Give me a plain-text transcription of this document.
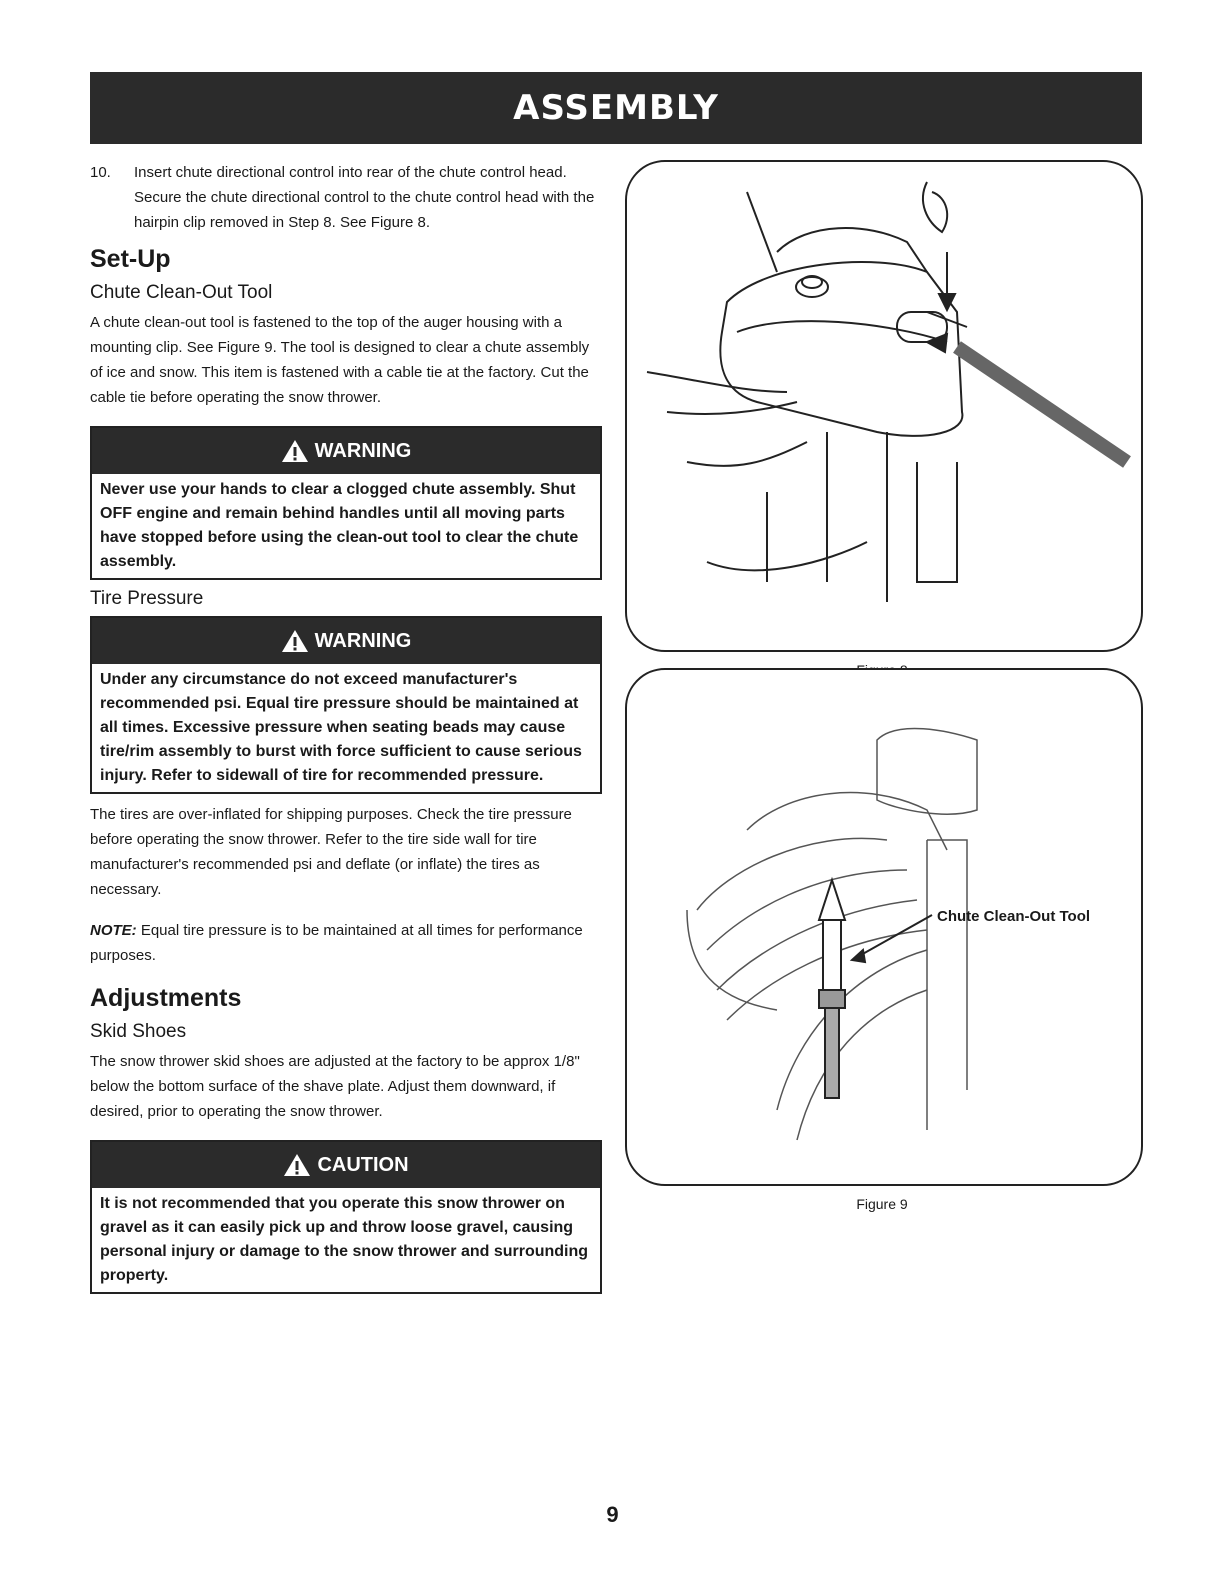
ASSEMBLY
10.	Insert chute directional control into rear of the chute control head. Secure the chute directional control to the chute control head with the hairpin clip removed in Step 8. See Figure 8.
Set-Up
Chute Clean-Out Tool

A chute clean-out tool is fastened to the top of the auger housing with a mounting clip. See Figure 9. The tool is designed to clear a chute assembly of ice and snow. This item is fastened with a cable tie at the factory. Cut the cable tie before operating the snow thrower.

WARNING
Never use your hands to clear a clogged chute assembly. Shut OFF engine and remain behind handles until all moving parts have stopped before using the clean-out tool to clear the chute assembly.
Tire Pressure
WARNING
Under any circumstance do not exceed manufacturer's recommended psi. Equal tire pressure should be maintained at all times. Excessive pressure when seating beads may cause tire/rim assembly to burst with force sufficient to cause serious injury. Refer to sidewall of tire for recommended pressure.

The tires are over-inflated for shipping purposes. Check the tire pressure before operating the snow thrower. Refer to the tire side wall for tire manufacturer's recommended psi and deflate (or inflate) the tires as necessary.

NOTE: Equal tire pressure is to be maintained at all times for performance purposes.

Adjustments
Skid Shoes

The snow thrower skid shoes are adjusted at the factory to be approx 1/8" below the bottom surface of the shave plate. Adjust them downward, if desired, prior to operating the snow thrower.

CAUTION
It is not recommended that you operate this snow thrower on gravel as it can easily pick up and throw loose gravel, causing personal injury or damage to the snow thrower and surrounding property.
Chute Clean-Out Tool
Figure 9
9
